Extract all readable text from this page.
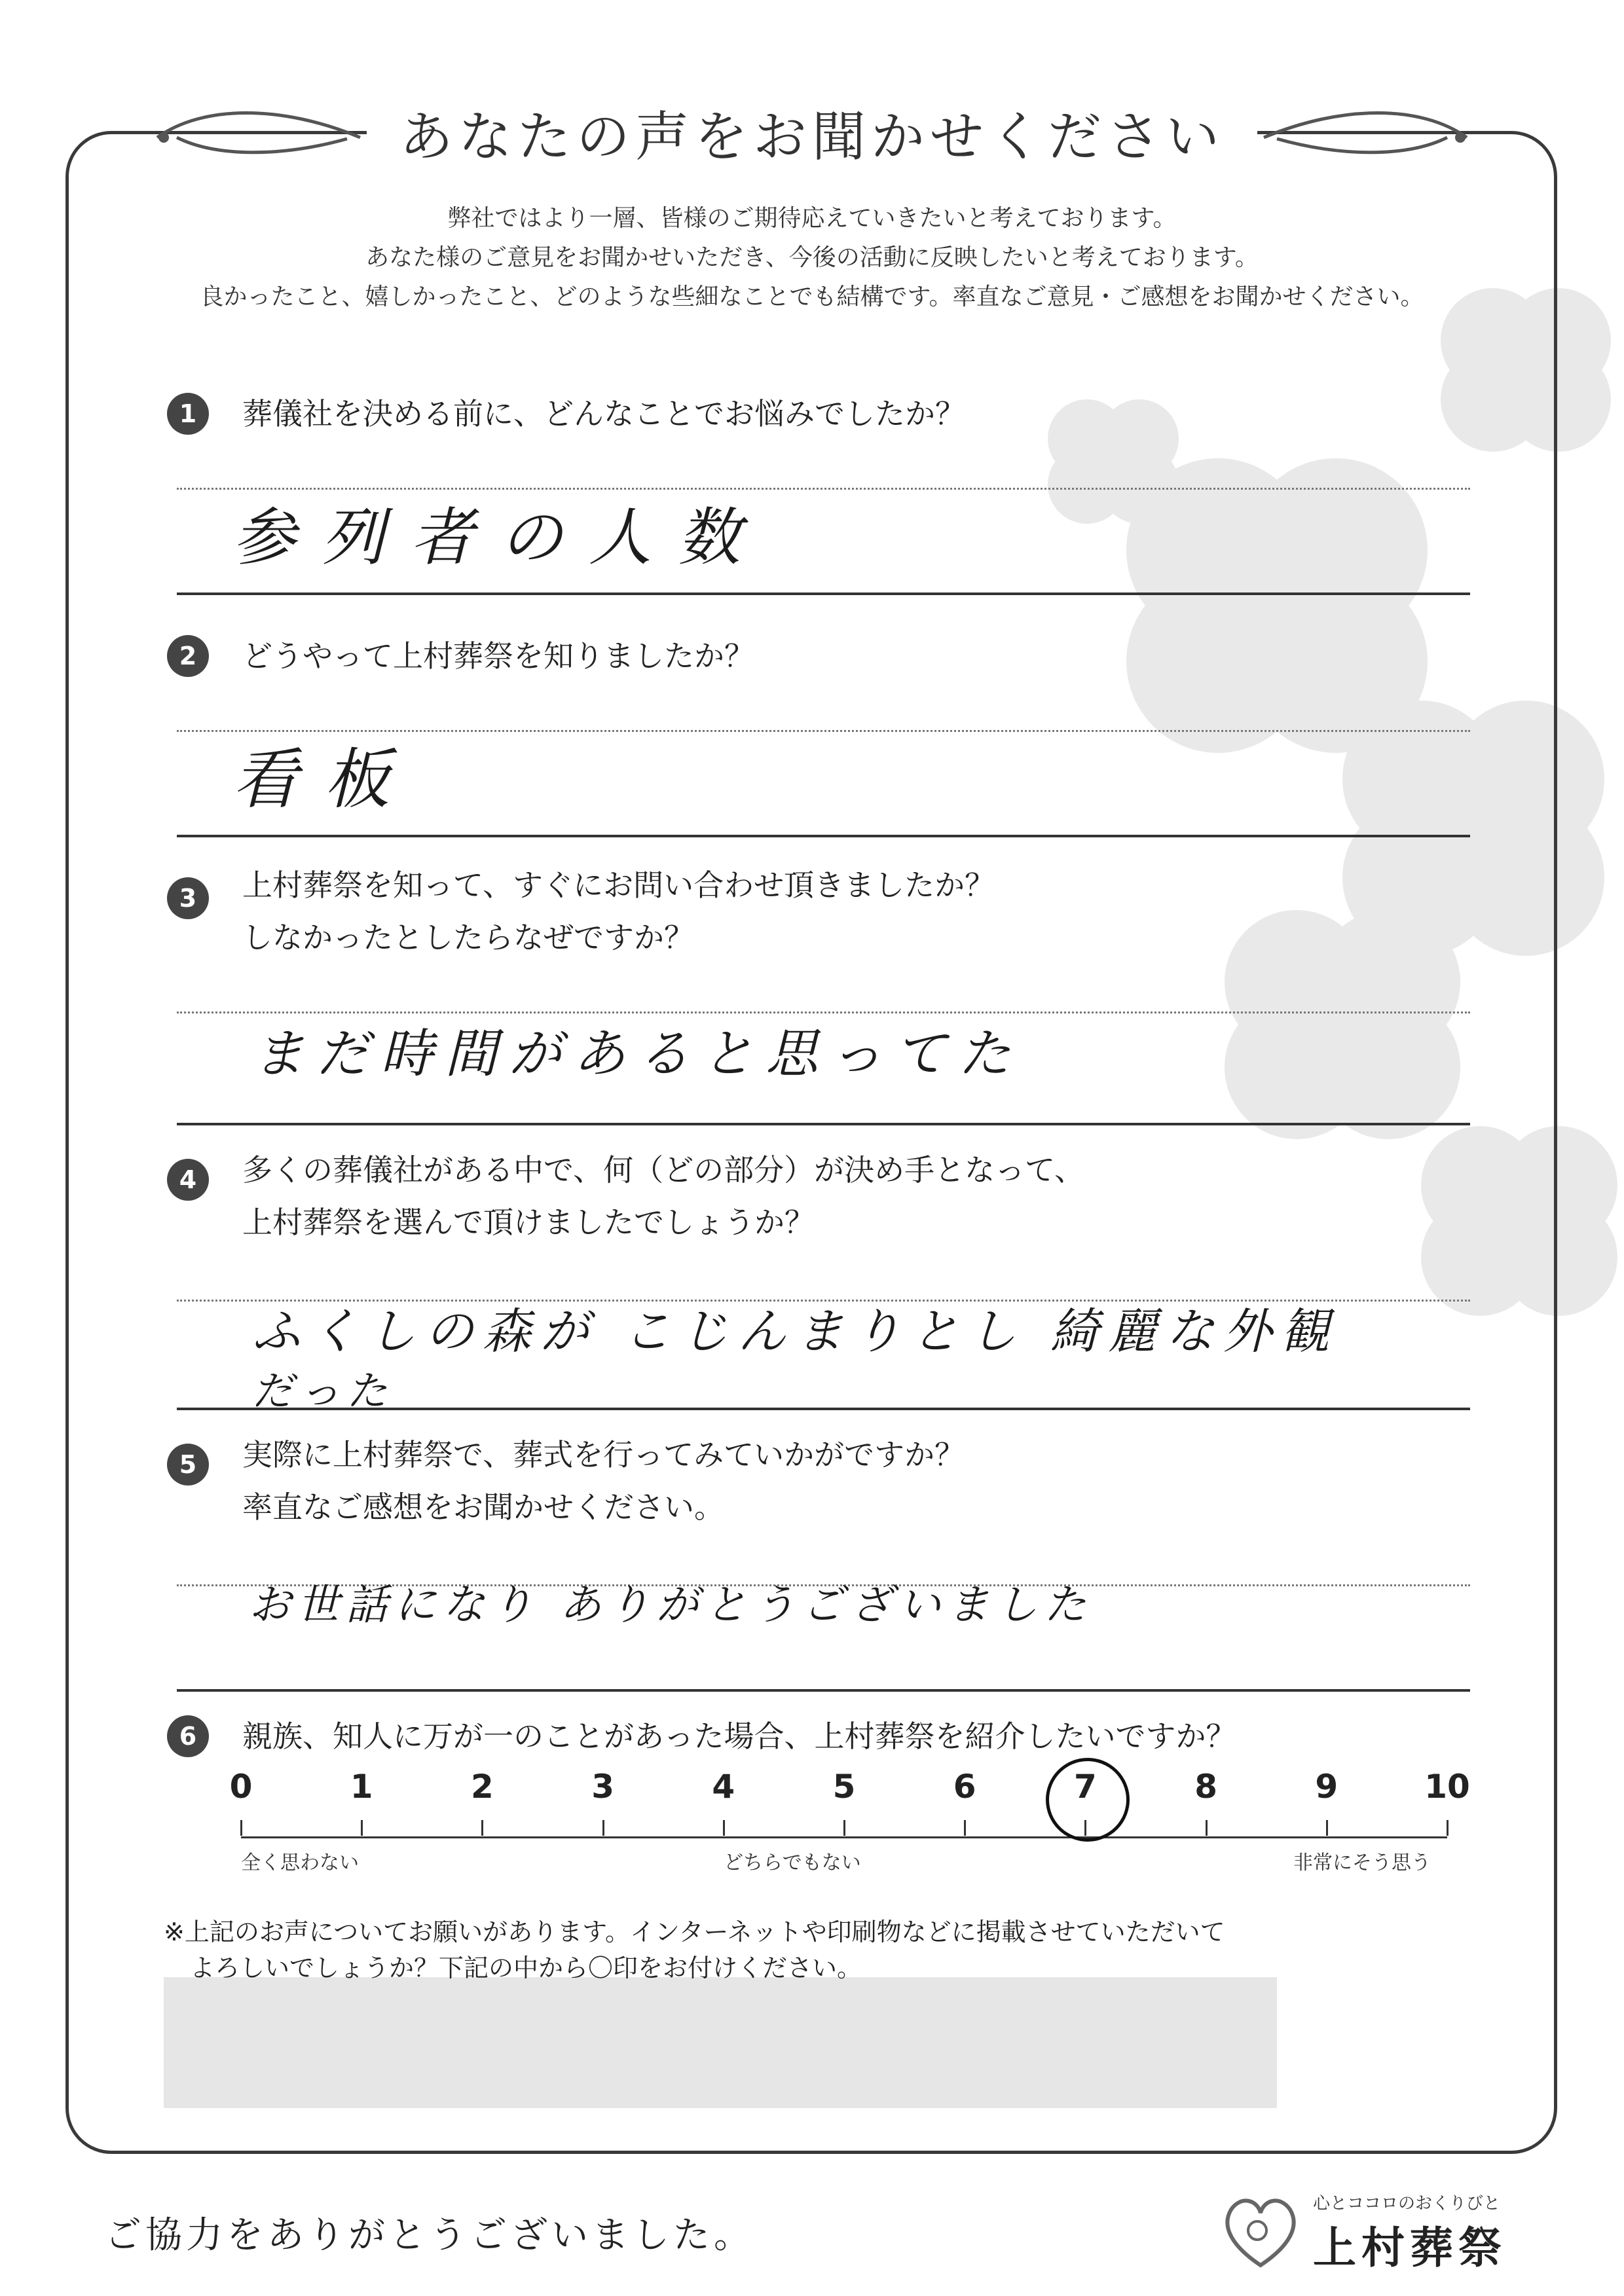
あなたの声をお聞かせください
弊社ではより一層、皆様のご期待応えていきたいと考えております。
あなた様のご意見をお聞かせいただき、今後の活動に反映したいと考えております。
良かったこと、嬉しかったこと、どのような些細なことでも結構です。率直なご意見・ご感想をお聞かせください。
1	葬儀社を決める前に、どんなことでお悩みでしたか？
参列者の人数
2	どうやって上村葬祭を知りましたか？
看板
3	上村葬祭を知って、すぐにお問い合わせ頂きましたか？
しなかったとしたらなぜですか？
まだ時間があると思ってた
4	多くの葬儀社がある中で、何（どの部分）が決め手となって、
上村葬祭を選んで頂けましたでしょうか？
ふくしの森が こじんまりとし 綺麗な外観
だった
5	実際に上村葬祭で、葬式を行ってみていかがですか？
率直なご感想をお聞かせください。
お世話になり ありがとうございました
6	親族、知人に万が一のことがあった場合、上村葬祭を紹介したいですか？
0	1	2	3	4	5	6	7	8	9	10
全く思わない	どちらでもない	非常にそう思う
※上記のお声についてお願いがあります。インターネットや印刷物などに掲載させていただいて
よろしいでしょうか？下記の中から〇印をお付けください。
ご協力をありがとうございました。
心とココロのおくりびと
上村葬祭
